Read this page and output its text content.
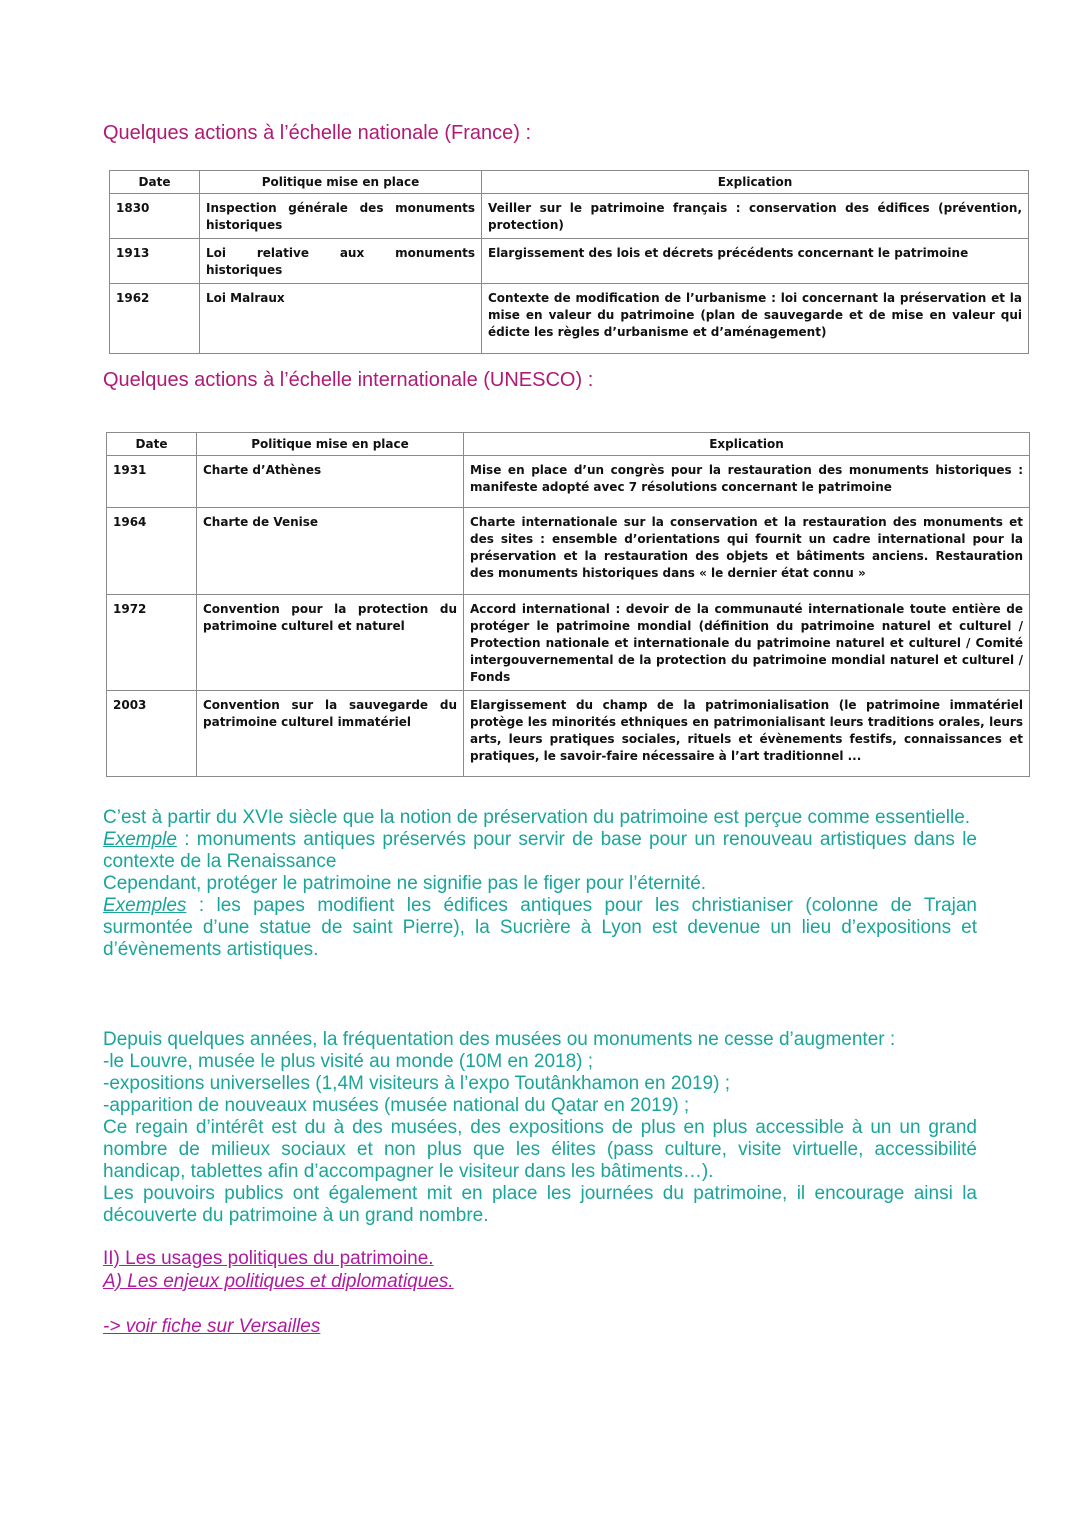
Quelques actions à l’échelle nationale (France) :
Date	Politique mise en place	Explication
1830	Inspection générale des monuments historiques	Veiller sur le patrimoine français : conservation des édifices (prévention, protection)
1913	Loi relative aux monuments historiques	Elargissement des lois et décrets précédents concernant le patrimoine
1962	Loi Malraux	Contexte de modification de l’urbanisme : loi concernant la préservation et la mise en valeur du patrimoine (plan de sauvegarde et de mise en valeur qui édicte les règles d’urbanisme et d’aménagement)
Quelques actions à l’échelle internationale (UNESCO) :
Date	Politique mise en place	Explication
1931	Charte d’Athènes	Mise en place d’un congrès pour la restauration des monuments historiques : manifeste adopté avec 7 résolutions concernant le patrimoine
1964	Charte de Venise	Charte internationale sur la conservation et la restauration des monuments et des sites : ensemble d’orientations qui fournit un cadre international pour la préservation et la restauration des objets et bâtiments anciens. Restauration des monuments historiques dans « le dernier état connu »
1972	Convention pour la protection du patrimoine culturel et naturel	Accord international : devoir de la communauté internationale toute entière de protéger le patrimoine mondial (définition du patrimoine naturel et culturel / Protection nationale et internationale du patrimoine naturel et culturel / Comité intergouvernemental de la protection du patrimoine mondial naturel et culturel / Fonds
2003	Convention sur la sauvegarde du patrimoine culturel immatériel	Elargissement du champ de la patrimonialisation (le patrimoine immatériel protège les minorités ethniques en patrimonialisant leurs traditions orales, leurs arts, leurs pratiques sociales, rituels et évènements festifs, connaissances et pratiques, le savoir-faire nécessaire à l’art traditionnel ...

C’est à partir du XVIe siècle que la notion de préservation du patrimoine est perçue comme essentielle.

Exemple : monuments antiques préservés pour servir de base pour un renouveau artistiques dans le contexte de la Renaissance

Cependant, protéger le patrimoine ne signifie pas le figer pour l’éternité.

Exemples : les papes modifient les édifices antiques pour les christianiser (colonne de Trajan surmontée d’une statue de saint Pierre), la Sucrière à Lyon est devenue un lieu d’expositions et d’évènements artistiques.

Depuis quelques années, la fréquentation des musées ou monuments ne cesse d’augmenter :

-le Louvre, musée le plus visité au monde (10M en 2018) ;

-expositions universelles (1,4M visiteurs à l’expo Toutânkhamon en 2019) ;

-apparition de nouveaux musées (musée national du Qatar en 2019) ;

Ce regain d’intérêt est du à des musées, des expositions de plus en plus accessible à un un grand nombre de milieux sociaux et non plus que les élites (pass culture, visite virtuelle, accessibilité handicap, tablettes afin d’accompagner le visiteur dans les bâtiments…).

Les pouvoirs publics ont également mit en place les journées du patrimoine, il encourage ainsi la découverte du patrimoine à un grand nombre.

II) Les usages politiques du patrimoine.
A) Les enjeux politiques et diplomatiques.
-> voir fiche sur Versailles
